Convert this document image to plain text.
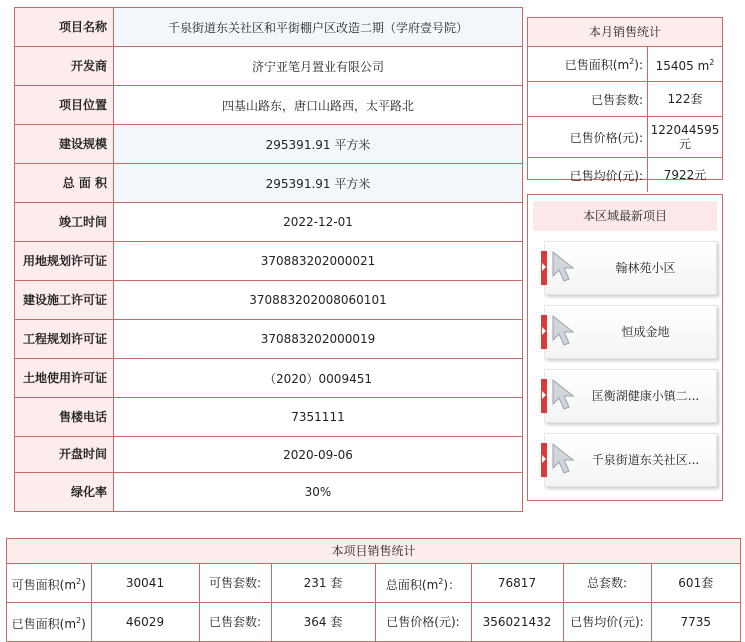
项目名称	千泉街道东关社区和平街棚户区改造二期（学府壹号院）
开发商	济宁亚笔月置业有限公司
项目位置	四基山路东，唐口山路西，太平路北
建设规模	295391.91 平方米
总 面 积	295391.91 平方米
竣工时间	2022-12-01
用地规划许可证	370883202000021
建设施工许可证	370883202008060101
工程规划许可证	370883202000019
土地使用许可证	（2020）0009451
售楼电话	7351111
开盘时间	2020-09-06
绿化率	30%
本月销售统计
已售面积$(m^2)$:	15405 $m^2$
已售套数:	122套
已售价格(元):	122044595元
已售均价(元):	7922元
本区域最新项目
翰林苑小区
恒成金地
匡衡湖健康小镇二...
千泉街道东关社区...
本项目销售统计
可售面积$(m^2)$	30041	可售套数:	231 套	总面积$(m^2)$：	76817	总套数:	601套
已售面积$(m^2)$	46029	已售套数:	364 套	已售价格(元):	356021432	已售均价(元):	7735
